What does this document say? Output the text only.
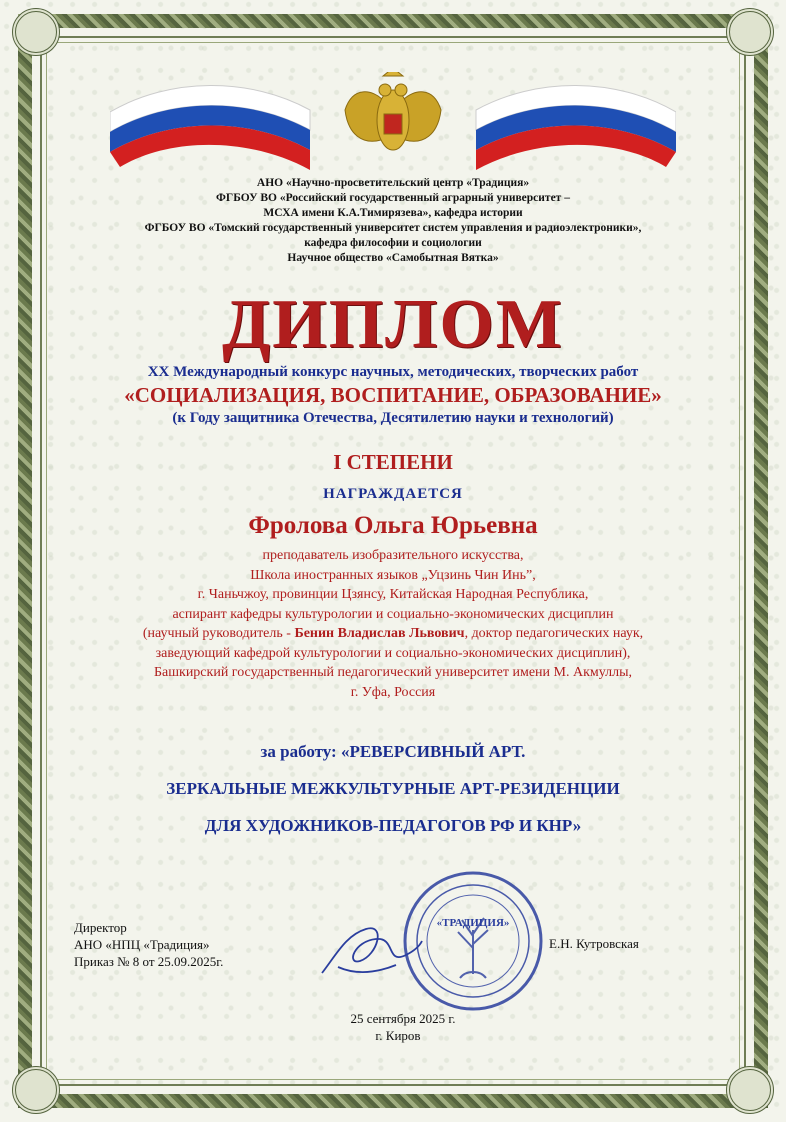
АНО «Научно-просветительский центр «Традиция»
ФГБОУ ВО «Российский государственный аграрный университет –
МСХА имени К.А.Тимирязева», кафедра истории
ФГБОУ ВО «Томский государственный университет систем управления и радиоэлектроники»,
кафедра философии и социологии
Научное общество «Самобытная Вятка»
ДИПЛОМ
XX Международный конкурс научных, методических, творческих работ
«СОЦИАЛИЗАЦИЯ, ВОСПИТАНИЕ, ОБРАЗОВАНИЕ»
(к Году защитника Отечества, Десятилетию науки и технологий)
I СТЕПЕНИ
НАГРАЖДАЕТСЯ
Фролова Ольга Юрьевна
преподаватель изобразительного искусства,
Школа иностранных языков „Уцзинь Чин Инь”,
г. Чаньчжоу, провинции Цзянсу, Китайская Народная Республика,
аспирант кафедры культурологии и социально-экономических дисциплин
(научный руководитель - Бенин Владислав Львович, доктор педагогических наук,
заведующий кафедрой культурологии и социально-экономических дисциплин),
Башкирский государственный педагогический университет имени М. Акмуллы,
г. Уфа, Россия
за работу: «РЕВЕРСИВНЫЙ АРТ.
ЗЕРКАЛЬНЫЕ МЕЖКУЛЬТУРНЫЕ АРТ-РЕЗИДЕНЦИИ
ДЛЯ ХУДОЖНИКОВ-ПЕДАГОГОВ РФ И КНР»
Директор
АНО «НПЦ «Традиция»
Приказ № 8 от 25.09.2025г.
«ТРАДИЦИЯ»
Е.Н. Кутровская
25 сентября 2025 г.
г. Киров
